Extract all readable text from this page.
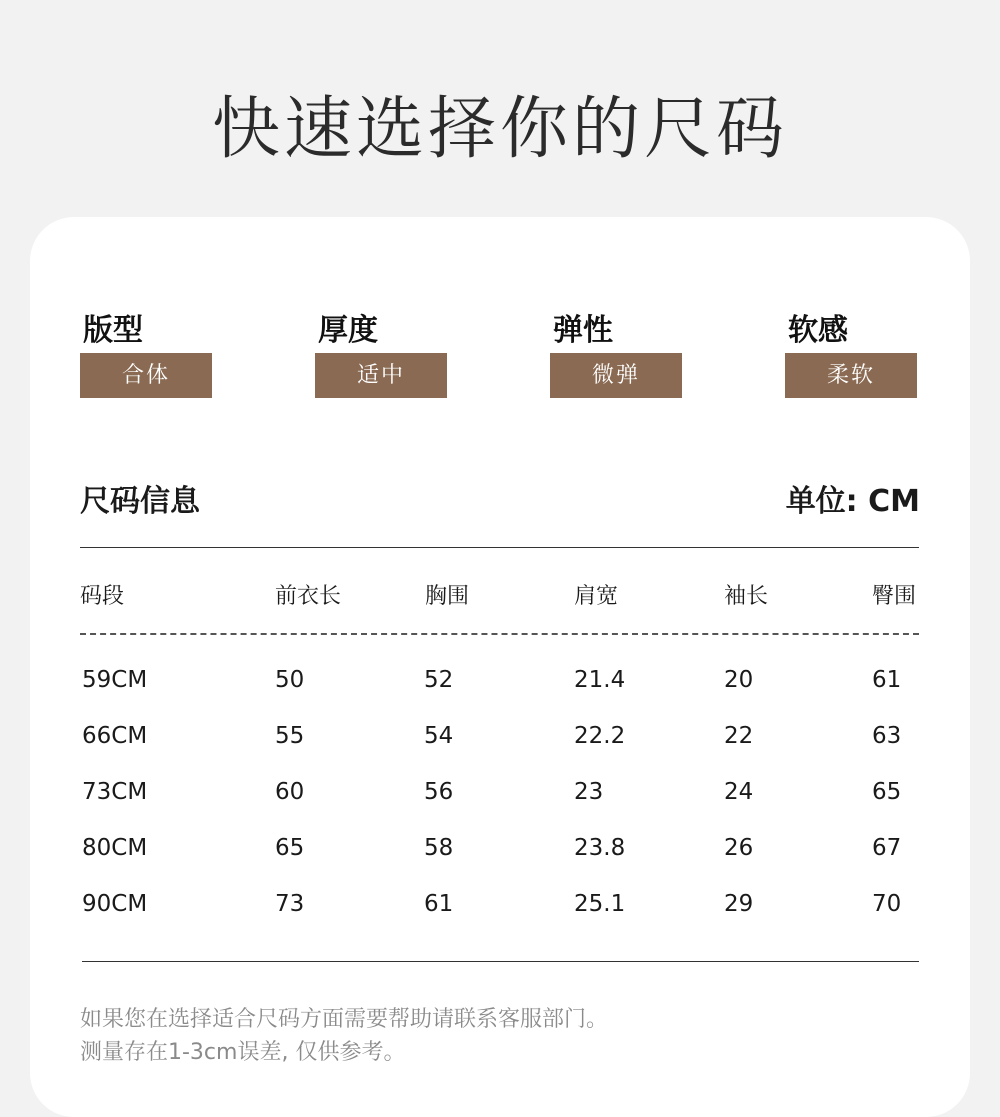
快速选择你的尺码
版型
合体
厚度
适中
弹性
微弹
软感
柔软
尺码信息	单位: CM
码段	前衣长	胸围	肩宽	袖长	臀围
59CM	50	52	21.4	20	61
66CM	55	54	22.2	22	63
73CM	60	56	23	24	65
80CM	65	58	23.8	26	67
90CM	73	61	25.1	29	70
如果您在选择适合尺码方面需要帮助请联系客服部门。
测量存在1-3cm误差, 仅供参考。
